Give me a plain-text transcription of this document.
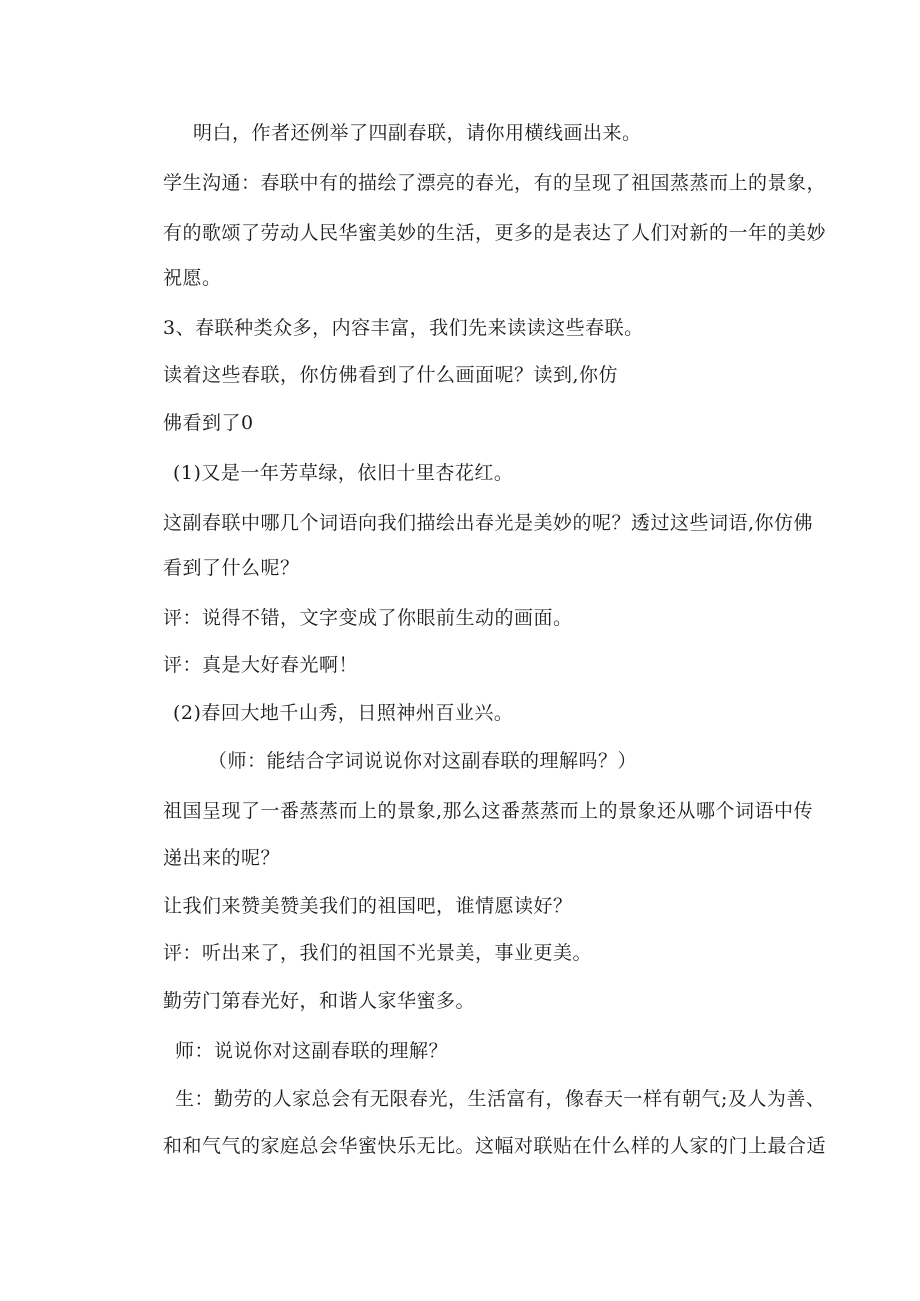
明白，作者还例举了四副春联，请你用横线画出来。
学生沟通：春联中有的描绘了漂亮的春光，有的呈现了祖国蒸蒸而上的景象，
有的歌颂了劳动人民华蜜美妙的生活，更多的是表达了人们对新的一年的美妙
祝愿。
3、春联种类众多，内容丰富，我们先来读读这些春联。
读着这些春联，你仿佛看到了什么画面呢？读到,你仿
佛看到了0
(1)又是一年芳草绿，依旧十里杏花红。
这副春联中哪几个词语向我们描绘出春光是美妙的呢？透过这些词语,你仿佛
看到了什么呢？
评：说得不错，文字变成了你眼前生动的画面。
评：真是大好春光啊！
(2)春回大地千山秀，日照神州百业兴。
（师：能结合字词说说你对这副春联的理解吗？）
祖国呈现了一番蒸蒸而上的景象,那么这番蒸蒸而上的景象还从哪个词语中传
递出来的呢？
让我们来赞美赞美我们的祖国吧，谁情愿读好？
评：听出来了，我们的祖国不光景美，事业更美。
勤劳门第春光好，和谐人家华蜜多。
师：说说你对这副春联的理解？
生：勤劳的人家总会有无限春光，生活富有，像春天一样有朝气;及人为善、
和和气气的家庭总会华蜜快乐无比。这幅对联贴在什么样的人家的门上最合适
